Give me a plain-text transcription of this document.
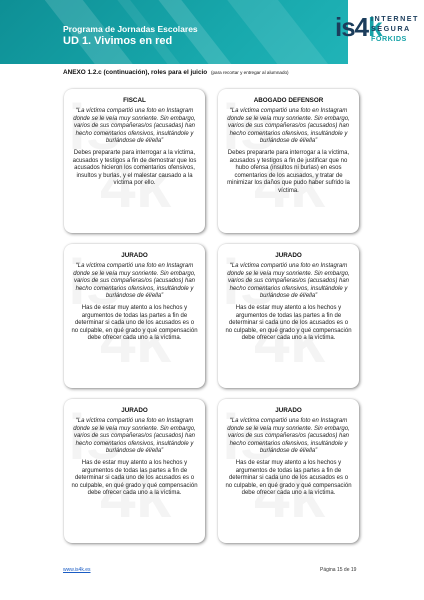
Programa de Jornadas Escolares
UD 1. Vivimos en red	is4k
INTERNET
SEGURA
FORKIDS
ANEXO 1.2.c (continuación), roles para el juicio (para recortar y entregar al alumnado)
FISCAL

“La víctima compartió una foto en Instagram donde se le veía muy sonriente. Sin embargo, varios de sus compañeras/os (acusadas) han hecho comentarios ofensivos, insultándole y burlándose de él/ella”

Debes prepararte para interrogar a la víctima, acusados y testigos a fin de demostrar que los acusados hicieron los comentarios ofensivos, insultos y burlas, y el malestar causado a la víctima por ello.

ABOGADO DEFENSOR

“La víctima compartió una foto en Instagram donde se le veía muy sonriente. Sin embargo, varios de sus compañeras/os (acusados) han hecho comentarios ofensivos, insultándole y burlándose de él/ella”

Debes prepararte para interrogar a la víctima, acusados y testigos a fin de justificar que no hubo ofensa (insultos ni burlas) en esos comentarios de los acusados, y tratar de minimizar los daños que pudo haber sufrido la víctima.

JURADO

“La víctima compartió una foto en Instagram donde se le veía muy sonriente. Sin embargo, varios de sus compañeras/os (acusados) han hecho comentarios ofensivos, insultándole y burlándose de él/ella”

Has de estar muy atento a los hechos y argumentos de todas las partes a fin de determinar si cada uno de los acusados es o no culpable, en qué grado y qué compensación debe ofrecer cada uno a la víctima.

JURADO

“La víctima compartió una foto en Instagram donde se le veía muy sonriente. Sin embargo, varios de sus compañeras/os (acusados) han hecho comentarios ofensivos, insultándole y burlándose de él/ella”

Has de estar muy atento a los hechos y argumentos de todas las partes a fin de determinar si cada uno de los acusados es o no culpable, en qué grado y qué compensación debe ofrecer cada uno a la víctima.

JURADO

“La víctima compartió una foto en Instagram donde se le veía muy sonriente. Sin embargo, varios de sus compañeras/os (acusados) han hecho comentarios ofensivos, insultándole y burlándose de él/ella”

Has de estar muy atento a los hechos y argumentos de todas las partes a fin de determinar si cada uno de los acusados es o no culpable, en qué grado y qué compensación debe ofrecer cada uno a la víctima.

JURADO

“La víctima compartió una foto en Instagram donde se le veía muy sonriente. Sin embargo, varios de sus compañeras/os (acusados) han hecho comentarios ofensivos, insultándole y burlándose de él/ella”

Has de estar muy atento a los hechos y argumentos de todas las partes a fin de determinar si cada uno de los acusados es o no culpable, en qué grado y qué compensación debe ofrecer cada uno a la víctima.

www.is4k.es	Página 15 de 19
